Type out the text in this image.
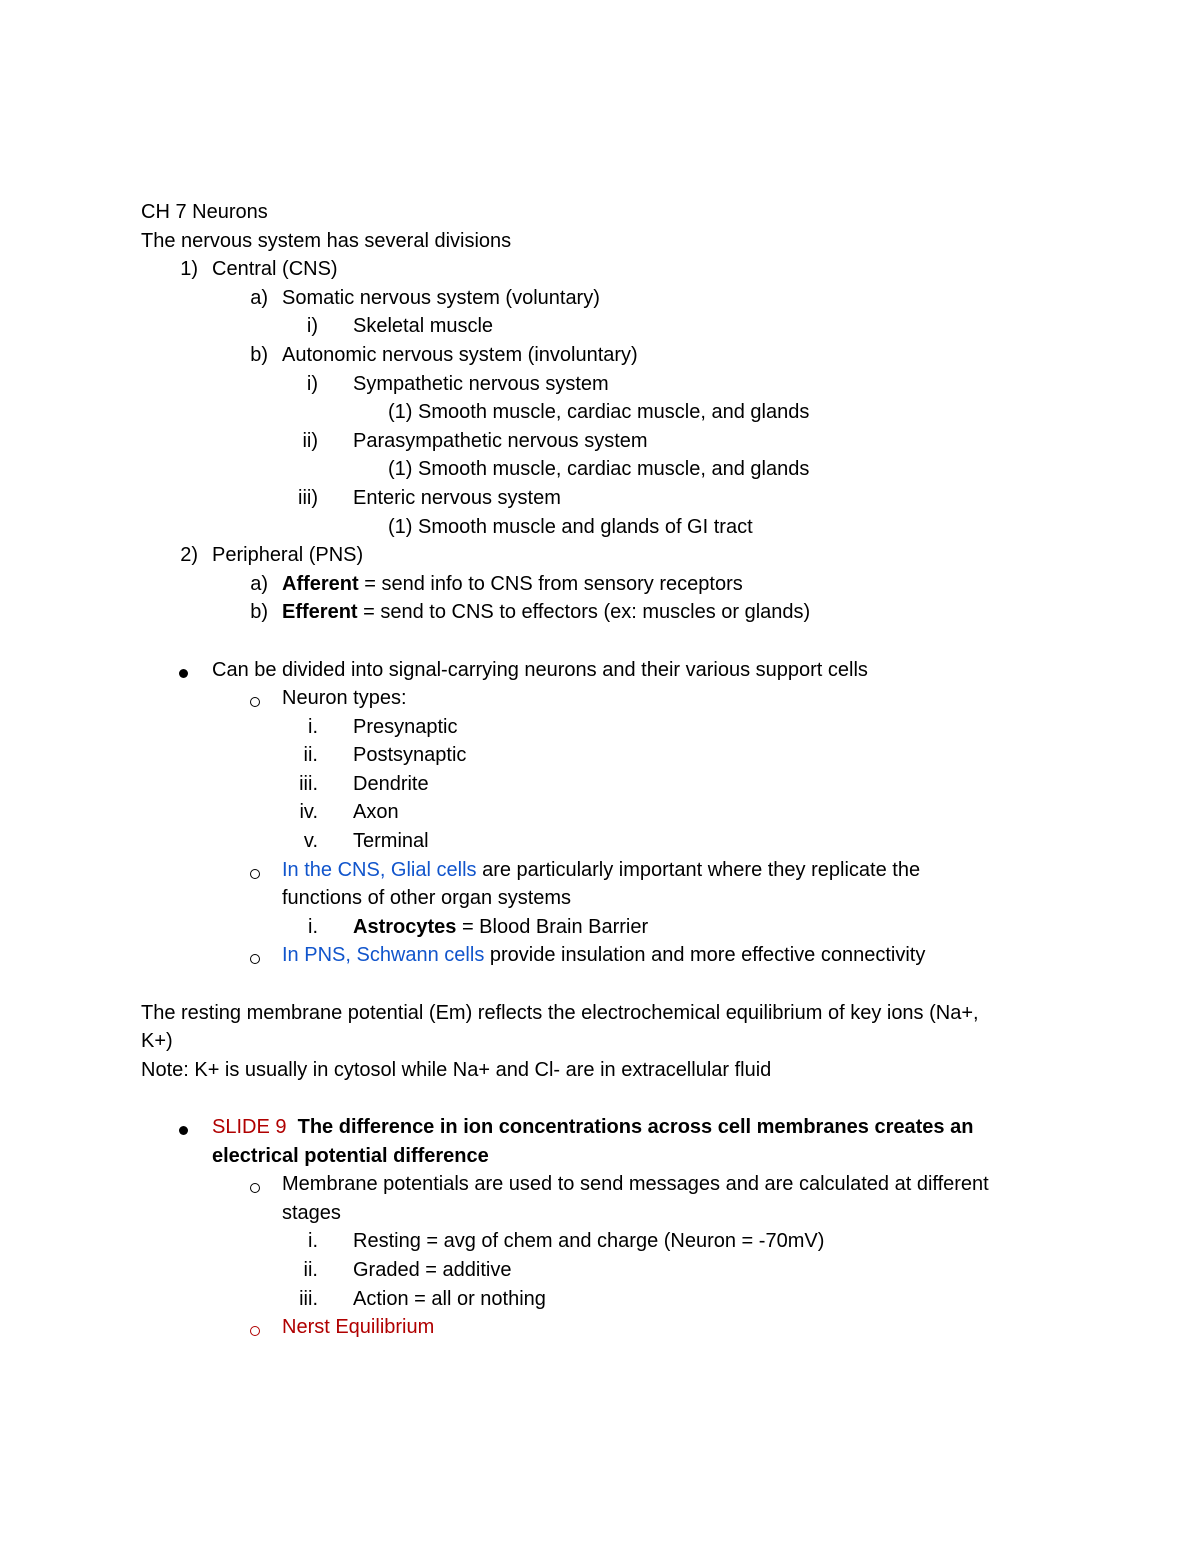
CH 7 Neurons
The nervous system has several divisions
1) Central (CNS)
a) Somatic nervous system (voluntary)
i) Skeletal muscle
b) Autonomic nervous system (involuntary)
i) Sympathetic nervous system
(1) Smooth muscle, cardiac muscle, and glands
ii) Parasympathetic nervous system
(1) Smooth muscle, cardiac muscle, and glands
iii) Enteric nervous system
(1) Smooth muscle and glands of GI tract
2) Peripheral (PNS)
a) Afferent = send info to CNS from sensory receptors
b) Efferent = send to CNS to effectors (ex: muscles or glands)
Can be divided into signal-carrying neurons and their various support cells
Neuron types:
i. Presynaptic
ii. Postsynaptic
iii. Dendrite
iv. Axon
v. Terminal
In the CNS, Glial cells are particularly important where they replicate the
functions of other organ systems
i. Astrocytes = Blood Brain Barrier
In PNS, Schwann cells provide insulation and more effective connectivity
The resting membrane potential (Em) reflects the electrochemical equilibrium of key ions (Na+,
K+)
Note: K+ is usually in cytosol while Na+ and Cl- are in extracellular fluid
SLIDE 9 The difference in ion concentrations across cell membranes creates an
electrical potential difference
Membrane potentials are used to send messages and are calculated at different
stages
i. Resting = avg of chem and charge (Neuron = -70mV)
ii. Graded = additive
iii. Action = all or nothing
Nerst Equilibrium
